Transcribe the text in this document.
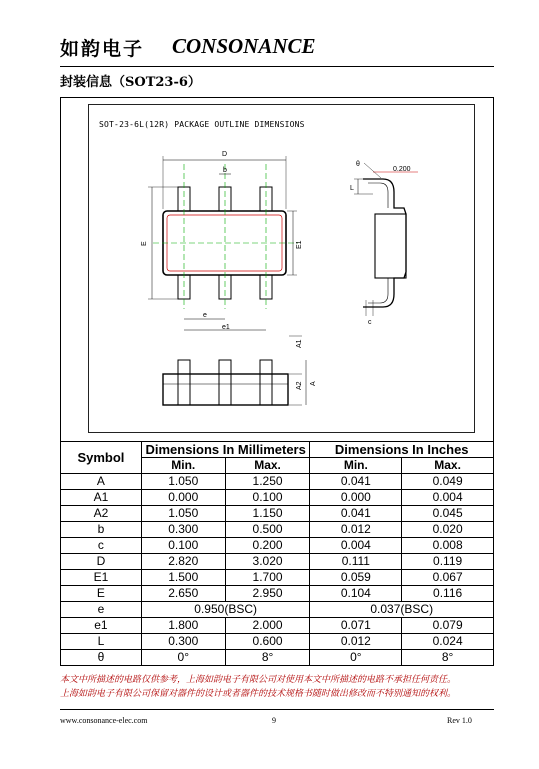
如韵电子 CONSONANCE
封装信息（SOT23-6）
SOT-23-6L(12R) PACKAGE OUTLINE DIMENSIONS
D
b
E	E1
e
e1
A1
A2 A
0.200
L
θ
c
Symbol	Dimensions In Millimeters		Dimensions In Inches	
	Min.	Max.	Min.	Max.
A	1.050	1.250	0.041	0.049
A1	0.000	0.100	0.000	0.004
A2	1.050	1.150	0.041	0.045
b	0.300	0.500	0.012	0.020
c	0.100	0.200	0.004	0.008
D	2.820	3.020	0.111	0.119
E1	1.500	1.700	0.059	0.067
E	2.650	2.950	0.104	0.116
e	0.950(BSC)		0.037(BSC)	
e1	1.800	2.000	0.071	0.079
L	0.300	0.600	0.012	0.024
θ	0°	8°	0°	8°
本文中所描述的电路仅供参考，上海如韵电子有限公司对使用本文中所描述的电路不承担任何责任。
上海如韵电子有限公司保留对器件的设计或者器件的技术规格书随时做出修改而不特别通知的权利。
www.consonance-elec.com	9	Rev 1.0
